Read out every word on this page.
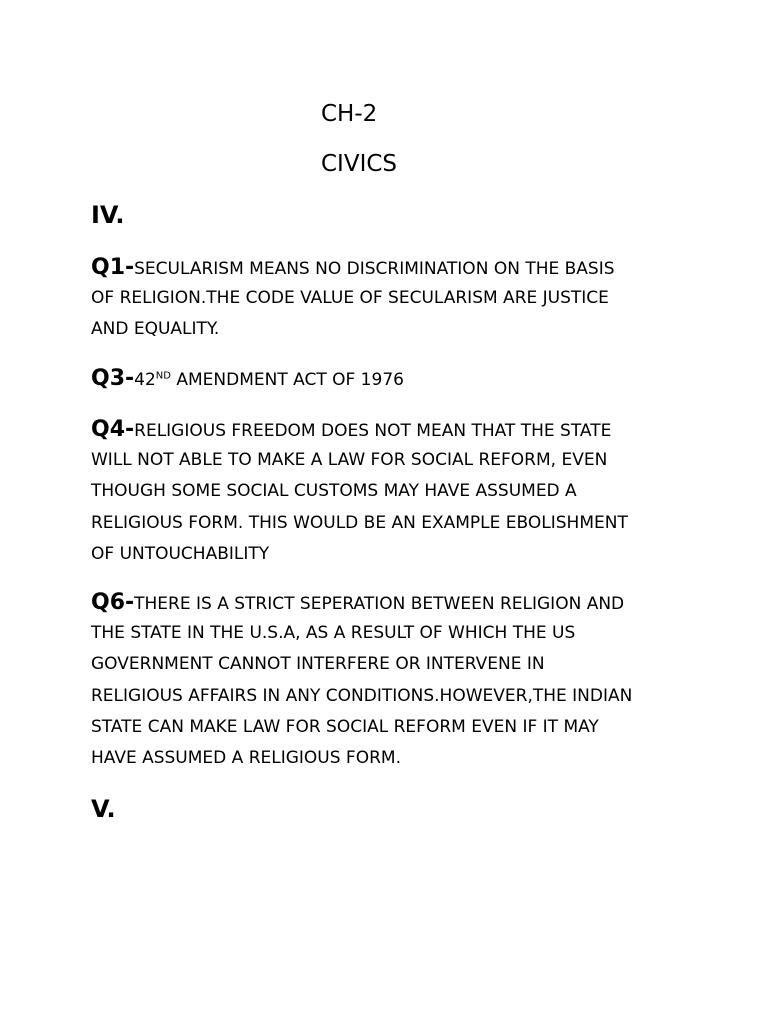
CH-2
CIVICS
IV.
Q1-SECULARISM MEANS NO DISCRIMINATION ON THE BASIS
OF RELIGION.THE CODE VALUE OF SECULARISM ARE JUSTICE
AND EQUALITY.
Q3-42ND AMENDMENT ACT OF 1976
Q4-RELIGIOUS FREEDOM DOES NOT MEAN THAT THE STATE
WILL NOT ABLE TO MAKE A LAW FOR SOCIAL REFORM, EVEN
THOUGH SOME SOCIAL CUSTOMS MAY HAVE ASSUMED A
RELIGIOUS FORM. THIS WOULD BE AN EXAMPLE EBOLISHMENT
OF UNTOUCHABILITY
Q6-THERE IS A STRICT SEPERATION BETWEEN RELIGION AND
THE STATE IN THE U.S.A, AS A RESULT OF WHICH THE US
GOVERNMENT CANNOT INTERFERE OR INTERVENE IN
RELIGIOUS AFFAIRS IN ANY CONDITIONS.HOWEVER,THE INDIAN
STATE CAN MAKE LAW FOR SOCIAL REFORM EVEN IF IT MAY
HAVE ASSUMED A RELIGIOUS FORM.
V.
